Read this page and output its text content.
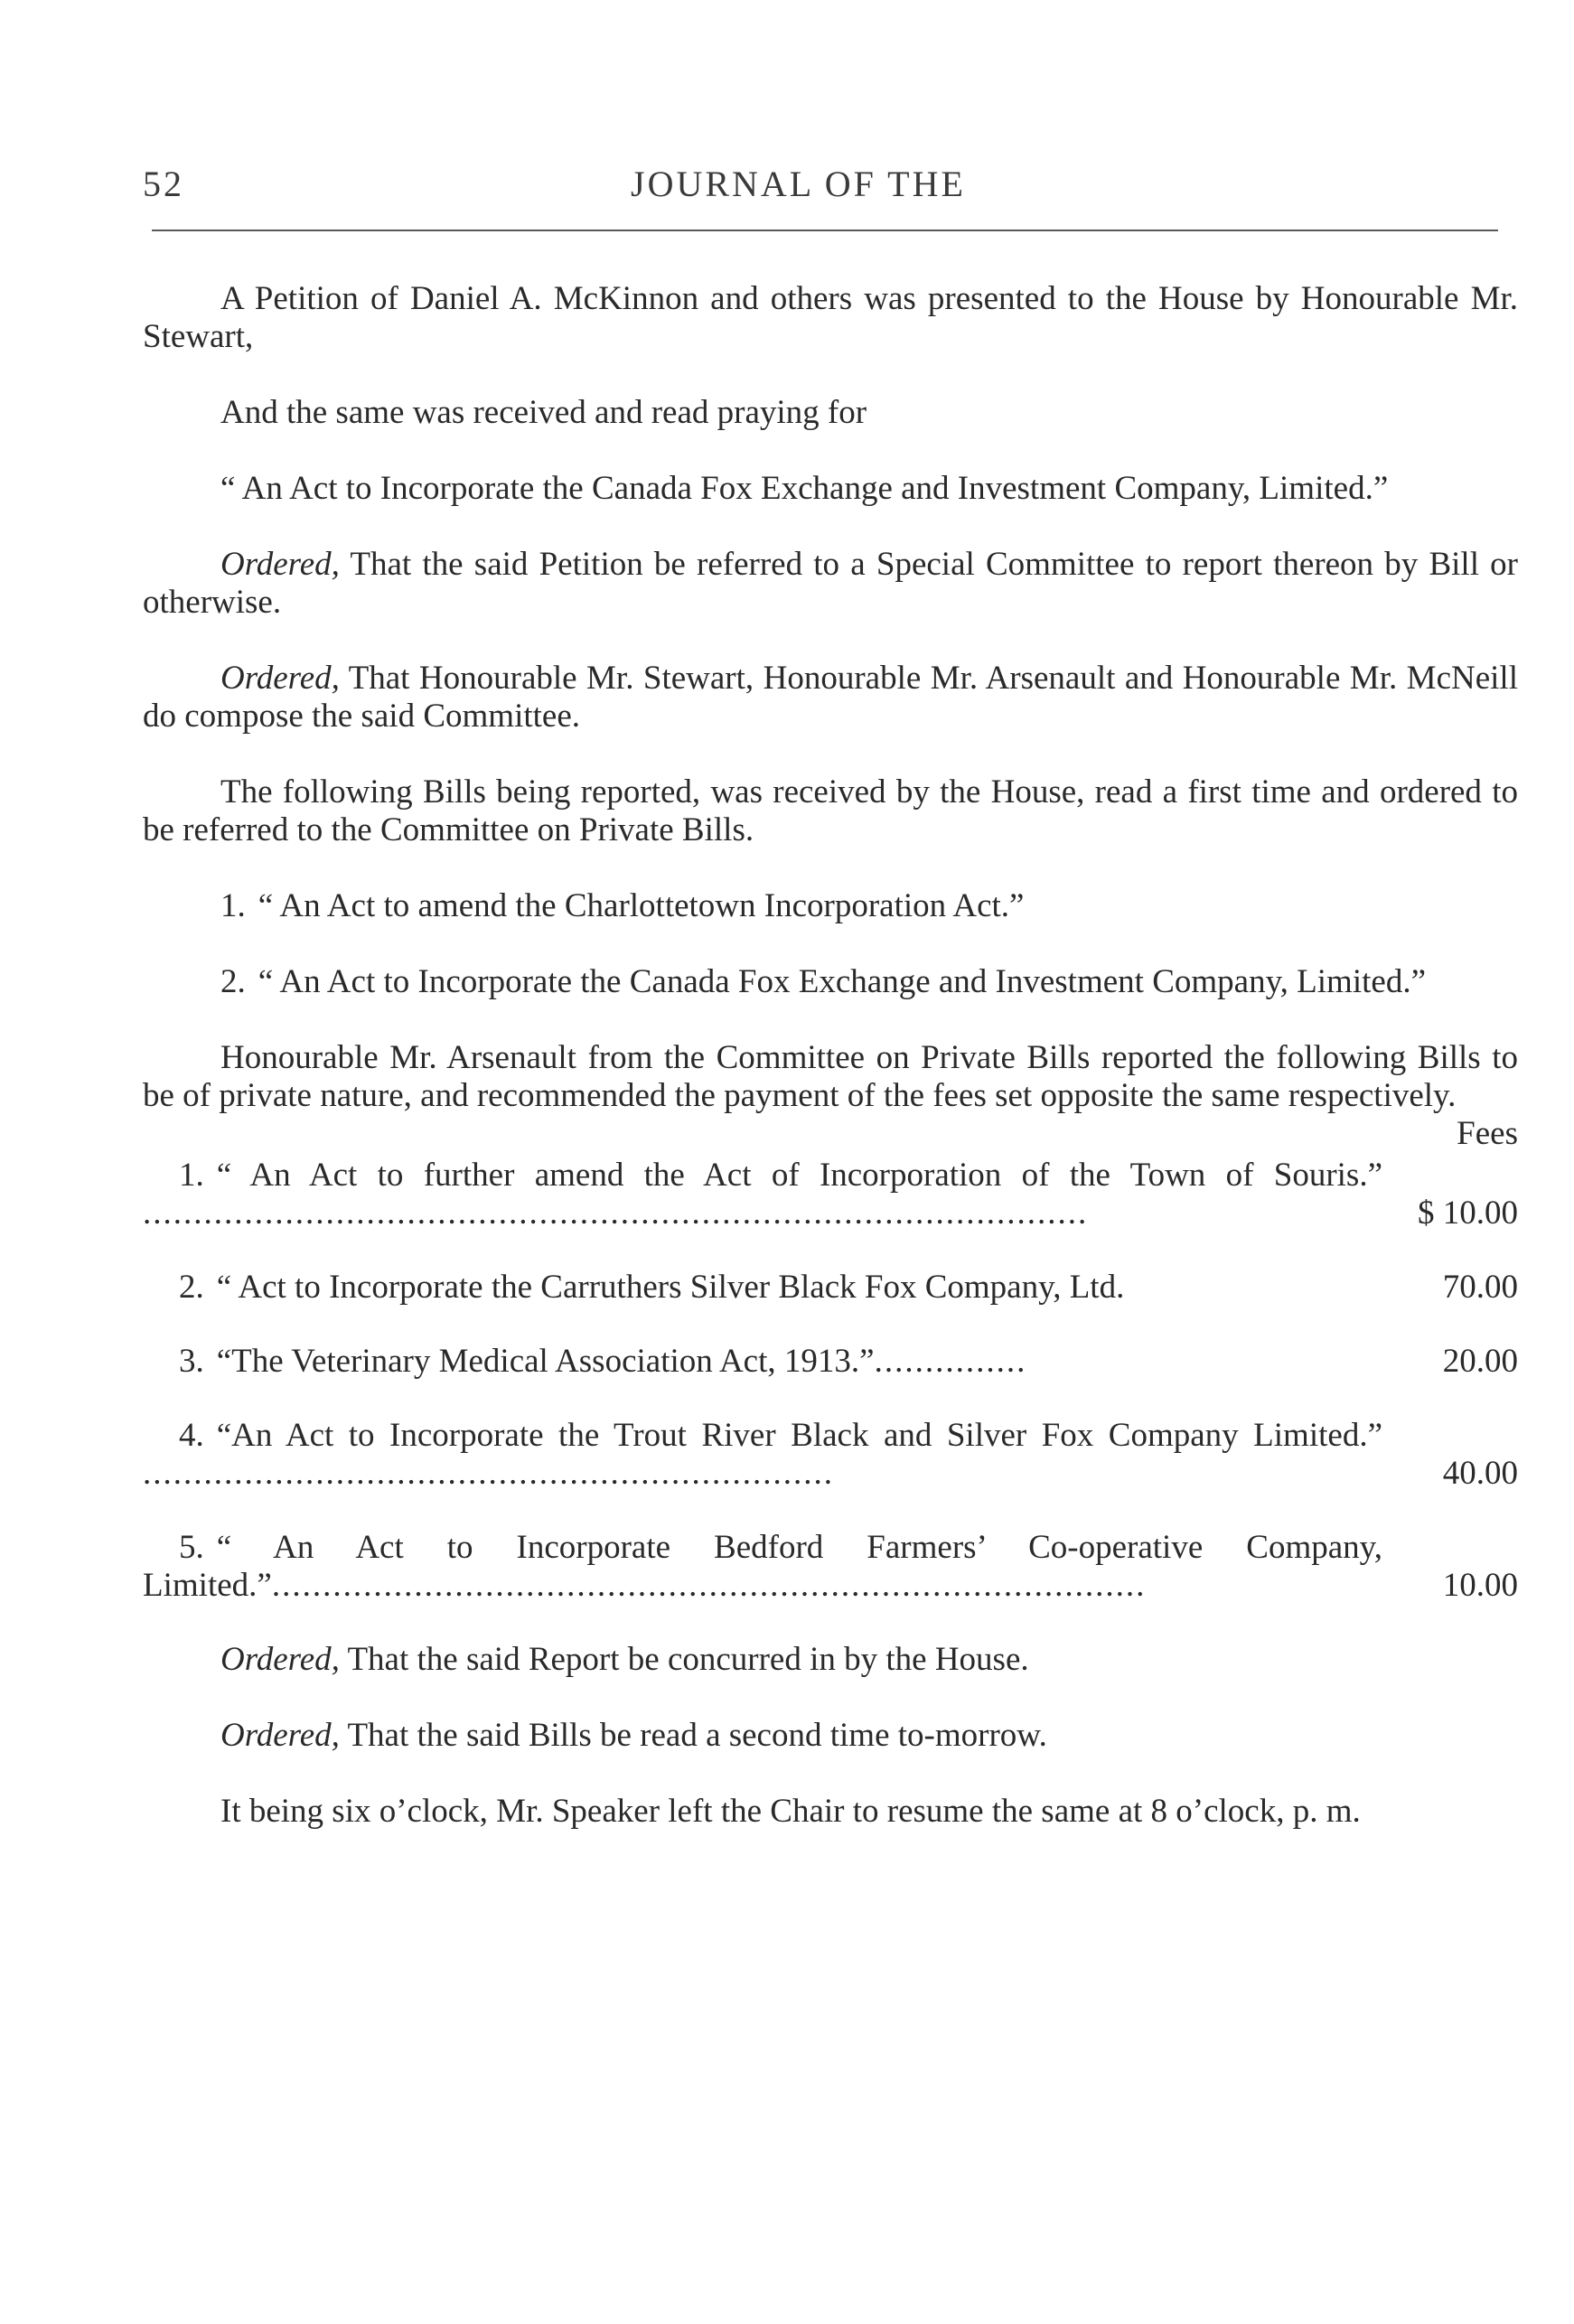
52	JOURNAL OF THE

A Petition of Daniel A. McKinnon and others was presented to the House by Honourable Mr. Stewart,

And the same was received and read praying for

“ An Act to Incorporate the Canada Fox Exchange and Investment Company, Limited.”

Ordered, That the said Petition be referred to a Special Committee to report thereon by Bill or otherwise.

Ordered, That Honourable Mr. Stewart, Honourable Mr. Arsenault and Honourable Mr. McNeill do compose the said Committee.

The following Bills being reported, was received by the House, read a first time and ordered to be referred to the Committee on Private Bills.

1. “ An Act to amend the Charlottetown Incorporation Act.”

2. “ An Act to Incorporate the Canada Fox Exchange and Investment Company, Limited.”

Honourable Mr. Arsenault from the Committee on Private Bills reported the following Bills to be of private nature, and recommended the payment of the fees set opposite the same respectively.

Fees
1. “ An Act to further amend the Act of Incorporation of the Town of Souris.” .............................................................................................	$ 10.00
2. “ Act to Incorporate the Carruthers Silver Black Fox Company, Ltd.	70.00
3. “The Veterinary Medical Association Act, 1913.”...............	20.00
4. “An Act to Incorporate the Trout River Black and Silver Fox Company Limited.” ....................................................................	40.00
5. “ An Act to Incorporate Bedford Farmers’ Co-operative Company, Limited.”......................................................................................	10.00

Ordered, That the said Report be concurred in by the House.

Ordered, That the said Bills be read a second time to-morrow.

It being six o’clock, Mr. Speaker left the Chair to resume the same at 8 o’clock, p. m.
